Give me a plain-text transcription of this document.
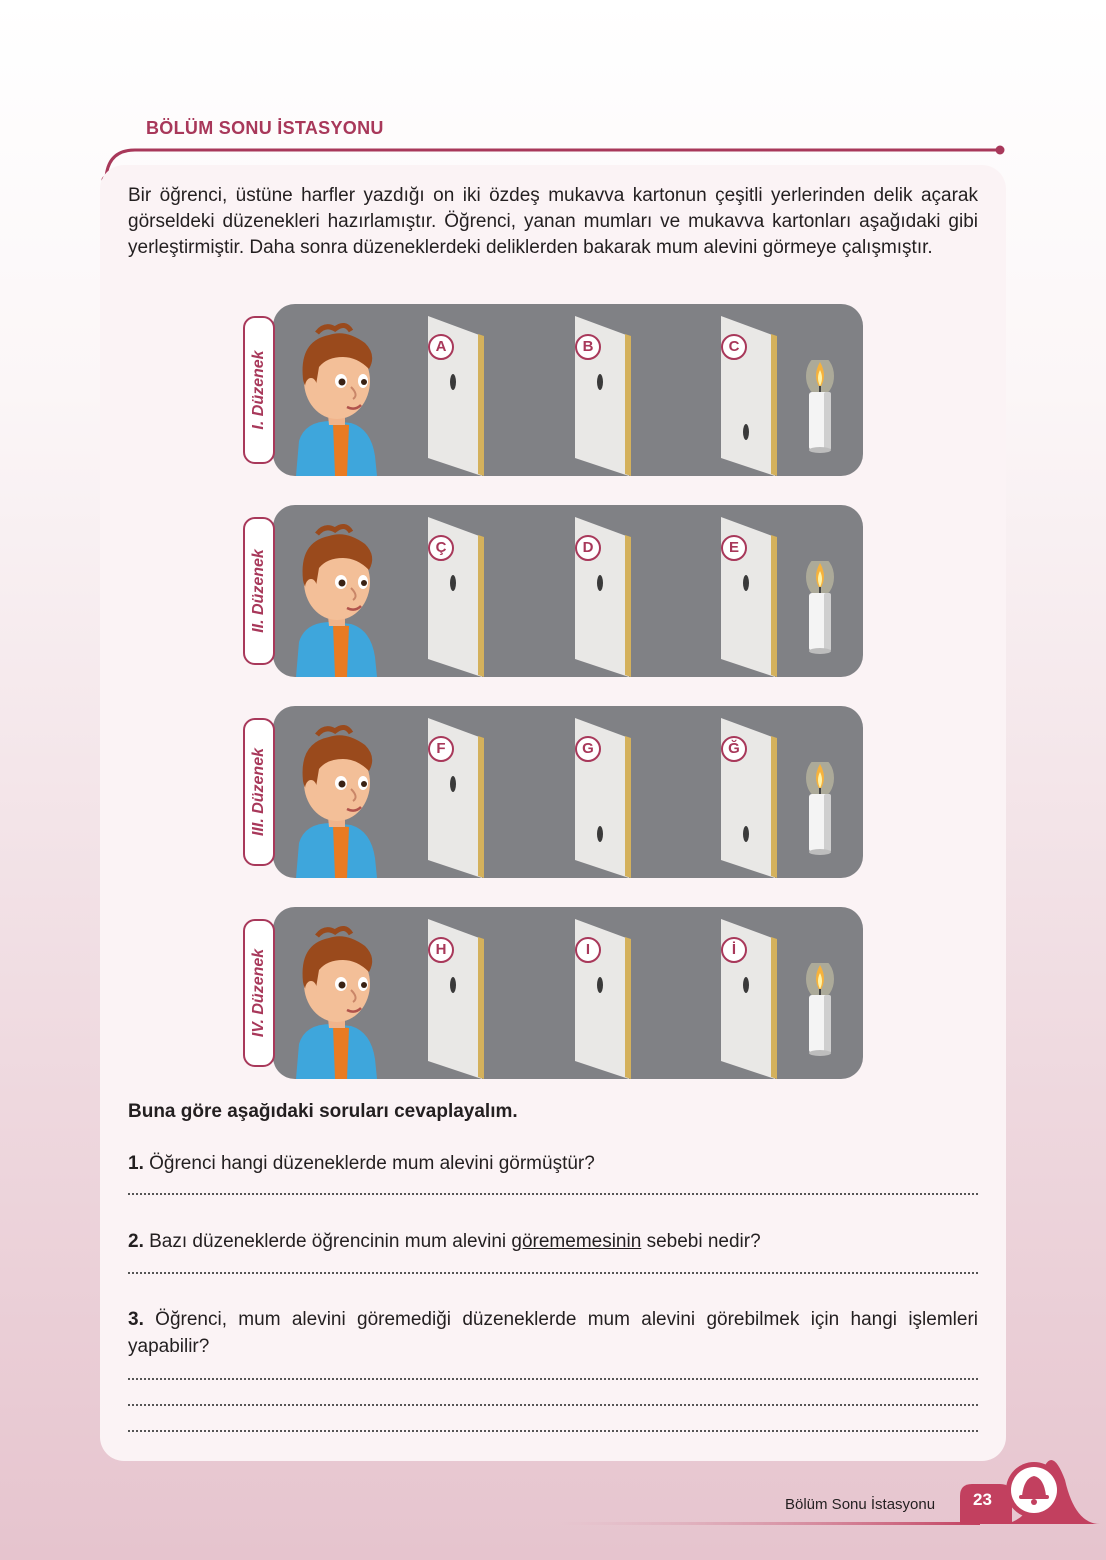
BÖLÜM SONU İSTASYONU

Bir öğrenci, üstüne harfler yazdığı on iki özdeş mukavva kartonun çeşitli yerlerinden delik açarak görseldeki düzenekleri hazırlamıştır. Öğrenci, yanan mumları ve mukavva kartonları aşağıdaki gibi yerleştirmiştir. Daha sonra düzeneklerdeki deliklerden bakarak mum alevini görmeye çalışmıştır.

I. Düzenek
A	B	C
II. Düzenek
Ç	D	E
III. Düzenek	F	G	Ğ
IV. Düzenek	H	I	İ
Buna göre aşağıdaki soruları cevaplayalım.
1. Öğrenci hangi düzeneklerde mum alevini görmüştür?
2. Bazı düzeneklerde öğrencinin mum alevini görememesinin sebebi nedir?
3. Öğrenci, mum alevini göremediği düzeneklerde mum alevini görebilmek için hangi işlemleri yapabilir?
Bölüm Sonu İstasyonu 23
